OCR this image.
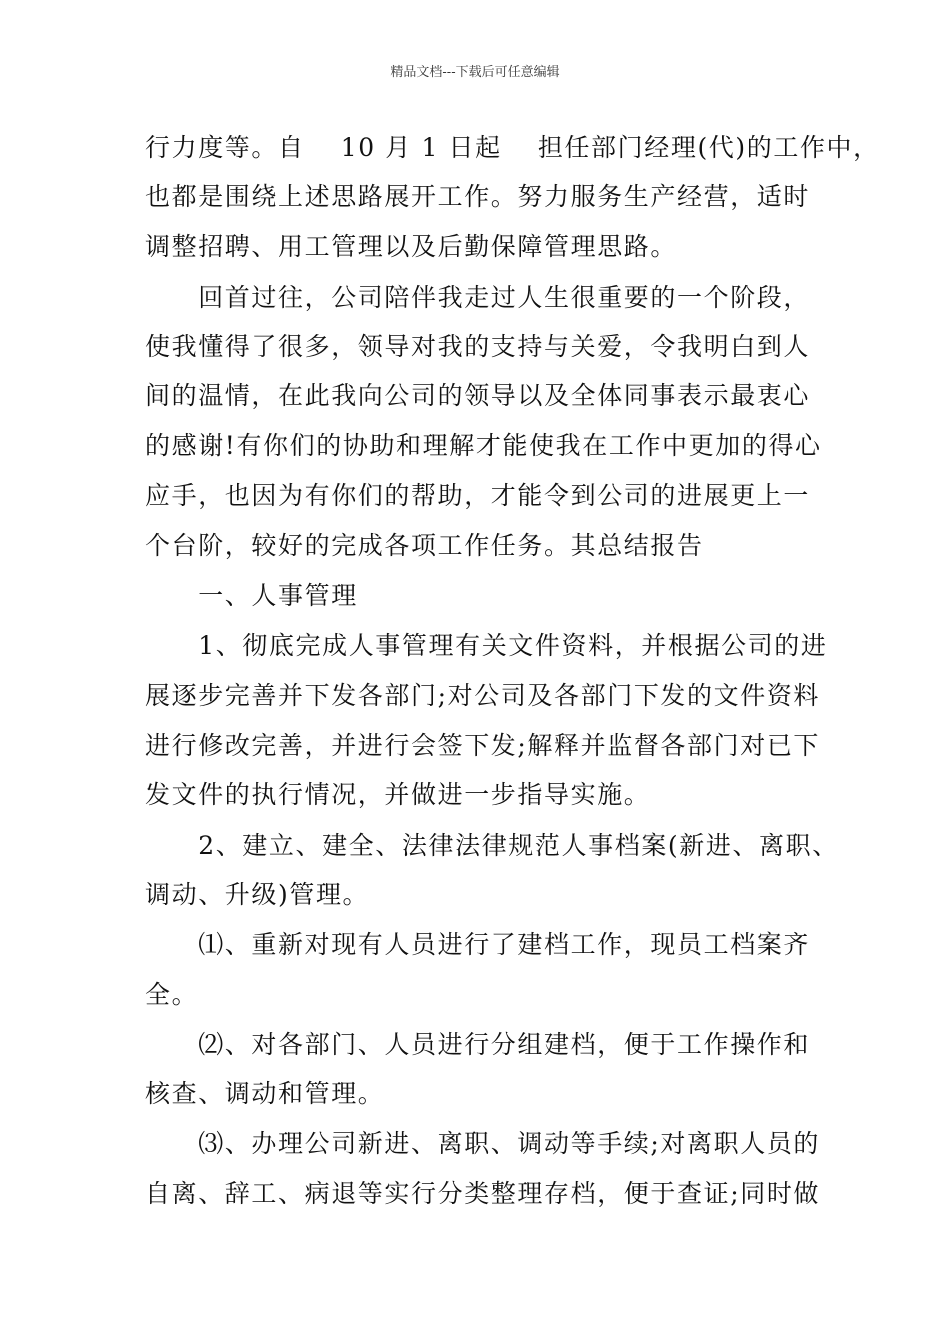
精品文档---下载后可任意编辑
行力度等。自　 10 月 1 日起　 担任部门经理(代)的工作中，
也都是围绕上述思路展开工作。努力服务生产经营，适时
调整招聘、用工管理以及后勤保障管理思路。
　　回首过往，公司陪伴我走过人生很重要的一个阶段，
使我懂得了很多，领导对我的支持与关爱，令我明白到人
间的温情，在此我向公司的领导以及全体同事表示最衷心
的感谢!有你们的协助和理解才能使我在工作中更加的得心
应手，也因为有你们的帮助，才能令到公司的进展更上一
个台阶，较好的完成各项工作任务。其总结报告
　　一、人事管理
　　1、彻底完成人事管理有关文件资料，并根据公司的进
展逐步完善并下发各部门;对公司及各部门下发的文件资料
进行修改完善，并进行会签下发;解释并监督各部门对已下
发文件的执行情况，并做进一步指导实施。
　　2、建立、建全、法律法律规范人事档案(新进、离职、
调动、升级)管理。
　　⑴、重新对现有人员进行了建档工作，现员工档案齐
全。
　　⑵、对各部门、人员进行分组建档，便于工作操作和
核查、调动和管理。
　　⑶、办理公司新进、离职、调动等手续;对离职人员的
自离、辞工、病退等实行分类整理存档，便于查证;同时做
